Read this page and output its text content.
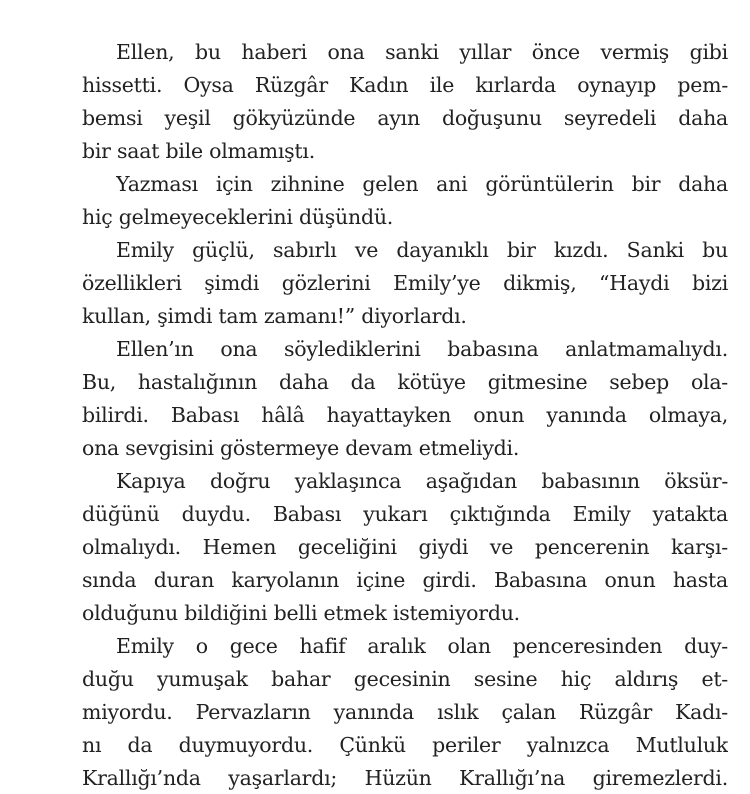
Ellen, bu haberi ona sanki yıllar önce vermiş gibi
hissetti. Oysa Rüzgâr Kadın ile kırlarda oynayıp pem-
bemsi yeşil gökyüzünde ayın doğuşunu seyredeli daha
bir saat bile olmamıştı.
Yazması için zihnine gelen ani görüntülerin bir daha
hiç gelmeyeceklerini düşündü.
Emily güçlü, sabırlı ve dayanıklı bir kızdı. Sanki bu
özellikleri şimdi gözlerini Emily’ye dikmiş, “Haydi bizi
kullan, şimdi tam zamanı!” diyorlardı.
Ellen’ın ona söylediklerini babasına anlatmamalıydı.
Bu, hastalığının daha da kötüye gitmesine sebep ola-
bilirdi. Babası hâlâ hayattayken onun yanında olmaya,
ona sevgisini göstermeye devam etmeliydi.
Kapıya doğru yaklaşınca aşağıdan babasının öksür-
düğünü duydu. Babası yukarı çıktığında Emily yatakta
olmalıydı. Hemen geceliğini giydi ve pencerenin karşı-
sında duran karyolanın içine girdi. Babasına onun hasta
olduğunu bildiğini belli etmek istemiyordu.
Emily o gece hafif aralık olan penceresinden duy-
duğu yumuşak bahar gecesinin sesine hiç aldırış et-
miyordu. Pervazların yanında ıslık çalan Rüzgâr Kadı-
nı da duymuyordu. Çünkü periler yalnızca Mutluluk
Krallığı’nda yaşarlardı; Hüzün Krallığı’na giremezlerdi.
